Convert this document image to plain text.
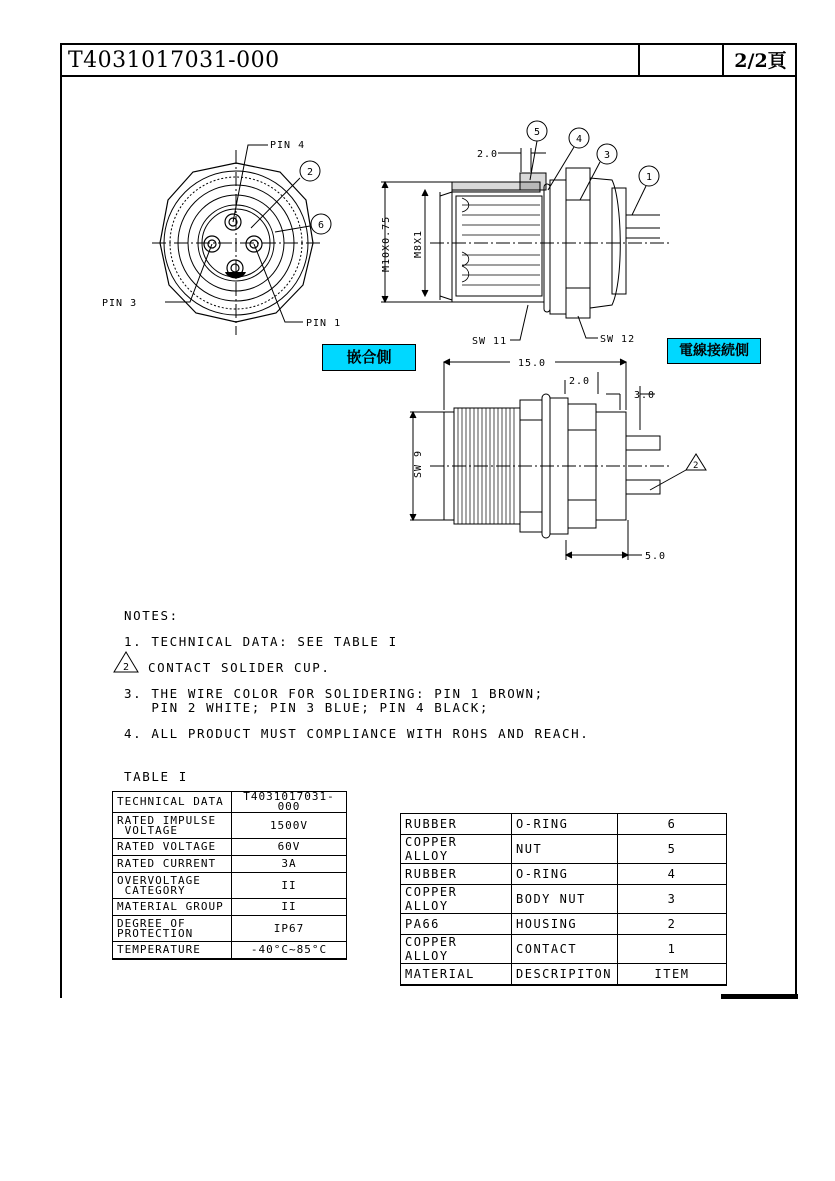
T4031017031-000	2/2頁
PIN 4
PIN 3
PIN 1
2
6
2.0
5
4
3
1
M10X0.75 M8X1
SW 11	SW 12
15.0
2.0
3.0
5.0
SW 9	2
2
嵌合側	電線接続側
NOTES:
1. TECHNICAL DATA: SEE TABLE I
CONTACT SOLIDER CUP.
3. THE WIRE COLOR FOR SOLIDERING: PIN 1 BROWN;
PIN 2 WHITE; PIN 3 BLUE; PIN 4 BLACK;
4. ALL PRODUCT MUST COMPLIANCE WITH ROHS AND REACH.
TABLE I
TECHNICAL DATA	T4031017031-000
RATED IMPULSE
VOLTAGE	1500V
RATED VOLTAGE	60V
RATED CURRENT	3A
OVERVOLTAGE
CATEGORY	II
MATERIAL GROUP	II
DEGREE OF
PROTECTION	IP67
TEMPERATURE	-40°C~85°C
RUBBER	O-RING	6
COPPER ALLOY	NUT	5
RUBBER	O-RING	4
COPPER ALLOY	BODY NUT	3
PA66	HOUSING	2
COPPER ALLOY	CONTACT	1
MATERIAL	DESCRIPITON	ITEM
